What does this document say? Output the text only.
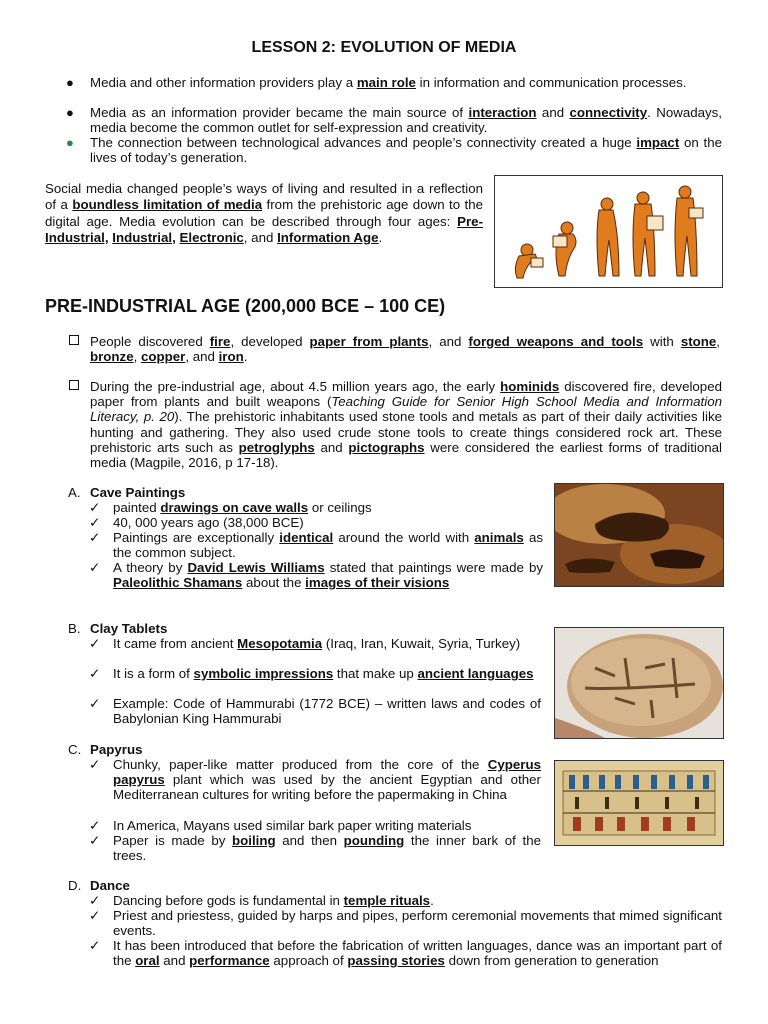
LESSON 2: EVOLUTION OF MEDIA
● Media and other information providers play a main role in information and communication processes.
● Media as an information provider became the main source of interaction and connectivity. Nowadays, media become the common outlet for self-expression and creativity.
● The connection between technological advances and people’s connectivity created a huge impact on the lives of today’s generation.
Social media changed people’s ways of living and resulted in a reflection of a boundless limitation of media from the prehistoric age down to the digital age. Media evolution can be described through four ages: Pre-Industrial, Industrial, Electronic, and Information Age.
PRE-INDUSTRIAL AGE (200,000 BCE – 100 CE)
People discovered fire, developed paper from plants, and forged weapons and tools with stone, bronze, copper, and iron.
During the pre-industrial age, about 4.5 million years ago, the early hominids discovered fire, developed paper from plants and built weapons (Teaching Guide for Senior High School Media and Information Literacy, p. 20). The prehistoric inhabitants used stone tools and metals as part of their daily activities like hunting and gathering. They also used crude stone tools to create things considered rock art. These prehistoric arts such as petroglyphs and pictographs were considered the earliest forms of traditional media (Magpile, 2016, p 17-18).
A. Cave Paintings
✓ painted drawings on cave walls or ceilings
✓ 40, 000 years ago (38,000 BCE)
✓ Paintings are exceptionally identical around the world with animals as the common subject.
✓ A theory by David Lewis Williams stated that paintings were made by Paleolithic Shamans about the images of their visions
B. Clay Tablets
✓ It came from ancient Mesopotamia (Iraq, Iran, Kuwait, Syria, Turkey)
✓ It is a form of symbolic impressions that make up ancient languages
✓ Example: Code of Hammurabi (1772 BCE) – written laws and codes of Babylonian King Hammurabi
C. Papyrus
✓ Chunky, paper-like matter produced from the core of the Cyperus papyrus plant which was used by the ancient Egyptian and other Mediterranean cultures for writing before the papermaking in China
✓ In America, Mayans used similar bark paper writing materials
✓ Paper is made by boiling and then pounding the inner bark of the trees.
D. Dance
✓ Dancing before gods is fundamental in temple rituals.
✓ Priest and priestess, guided by harps and pipes, perform ceremonial movements that mimed significant events.
✓ It has been introduced that before the fabrication of written languages, dance was an important part of the oral and performance approach of passing stories down from generation to generation
